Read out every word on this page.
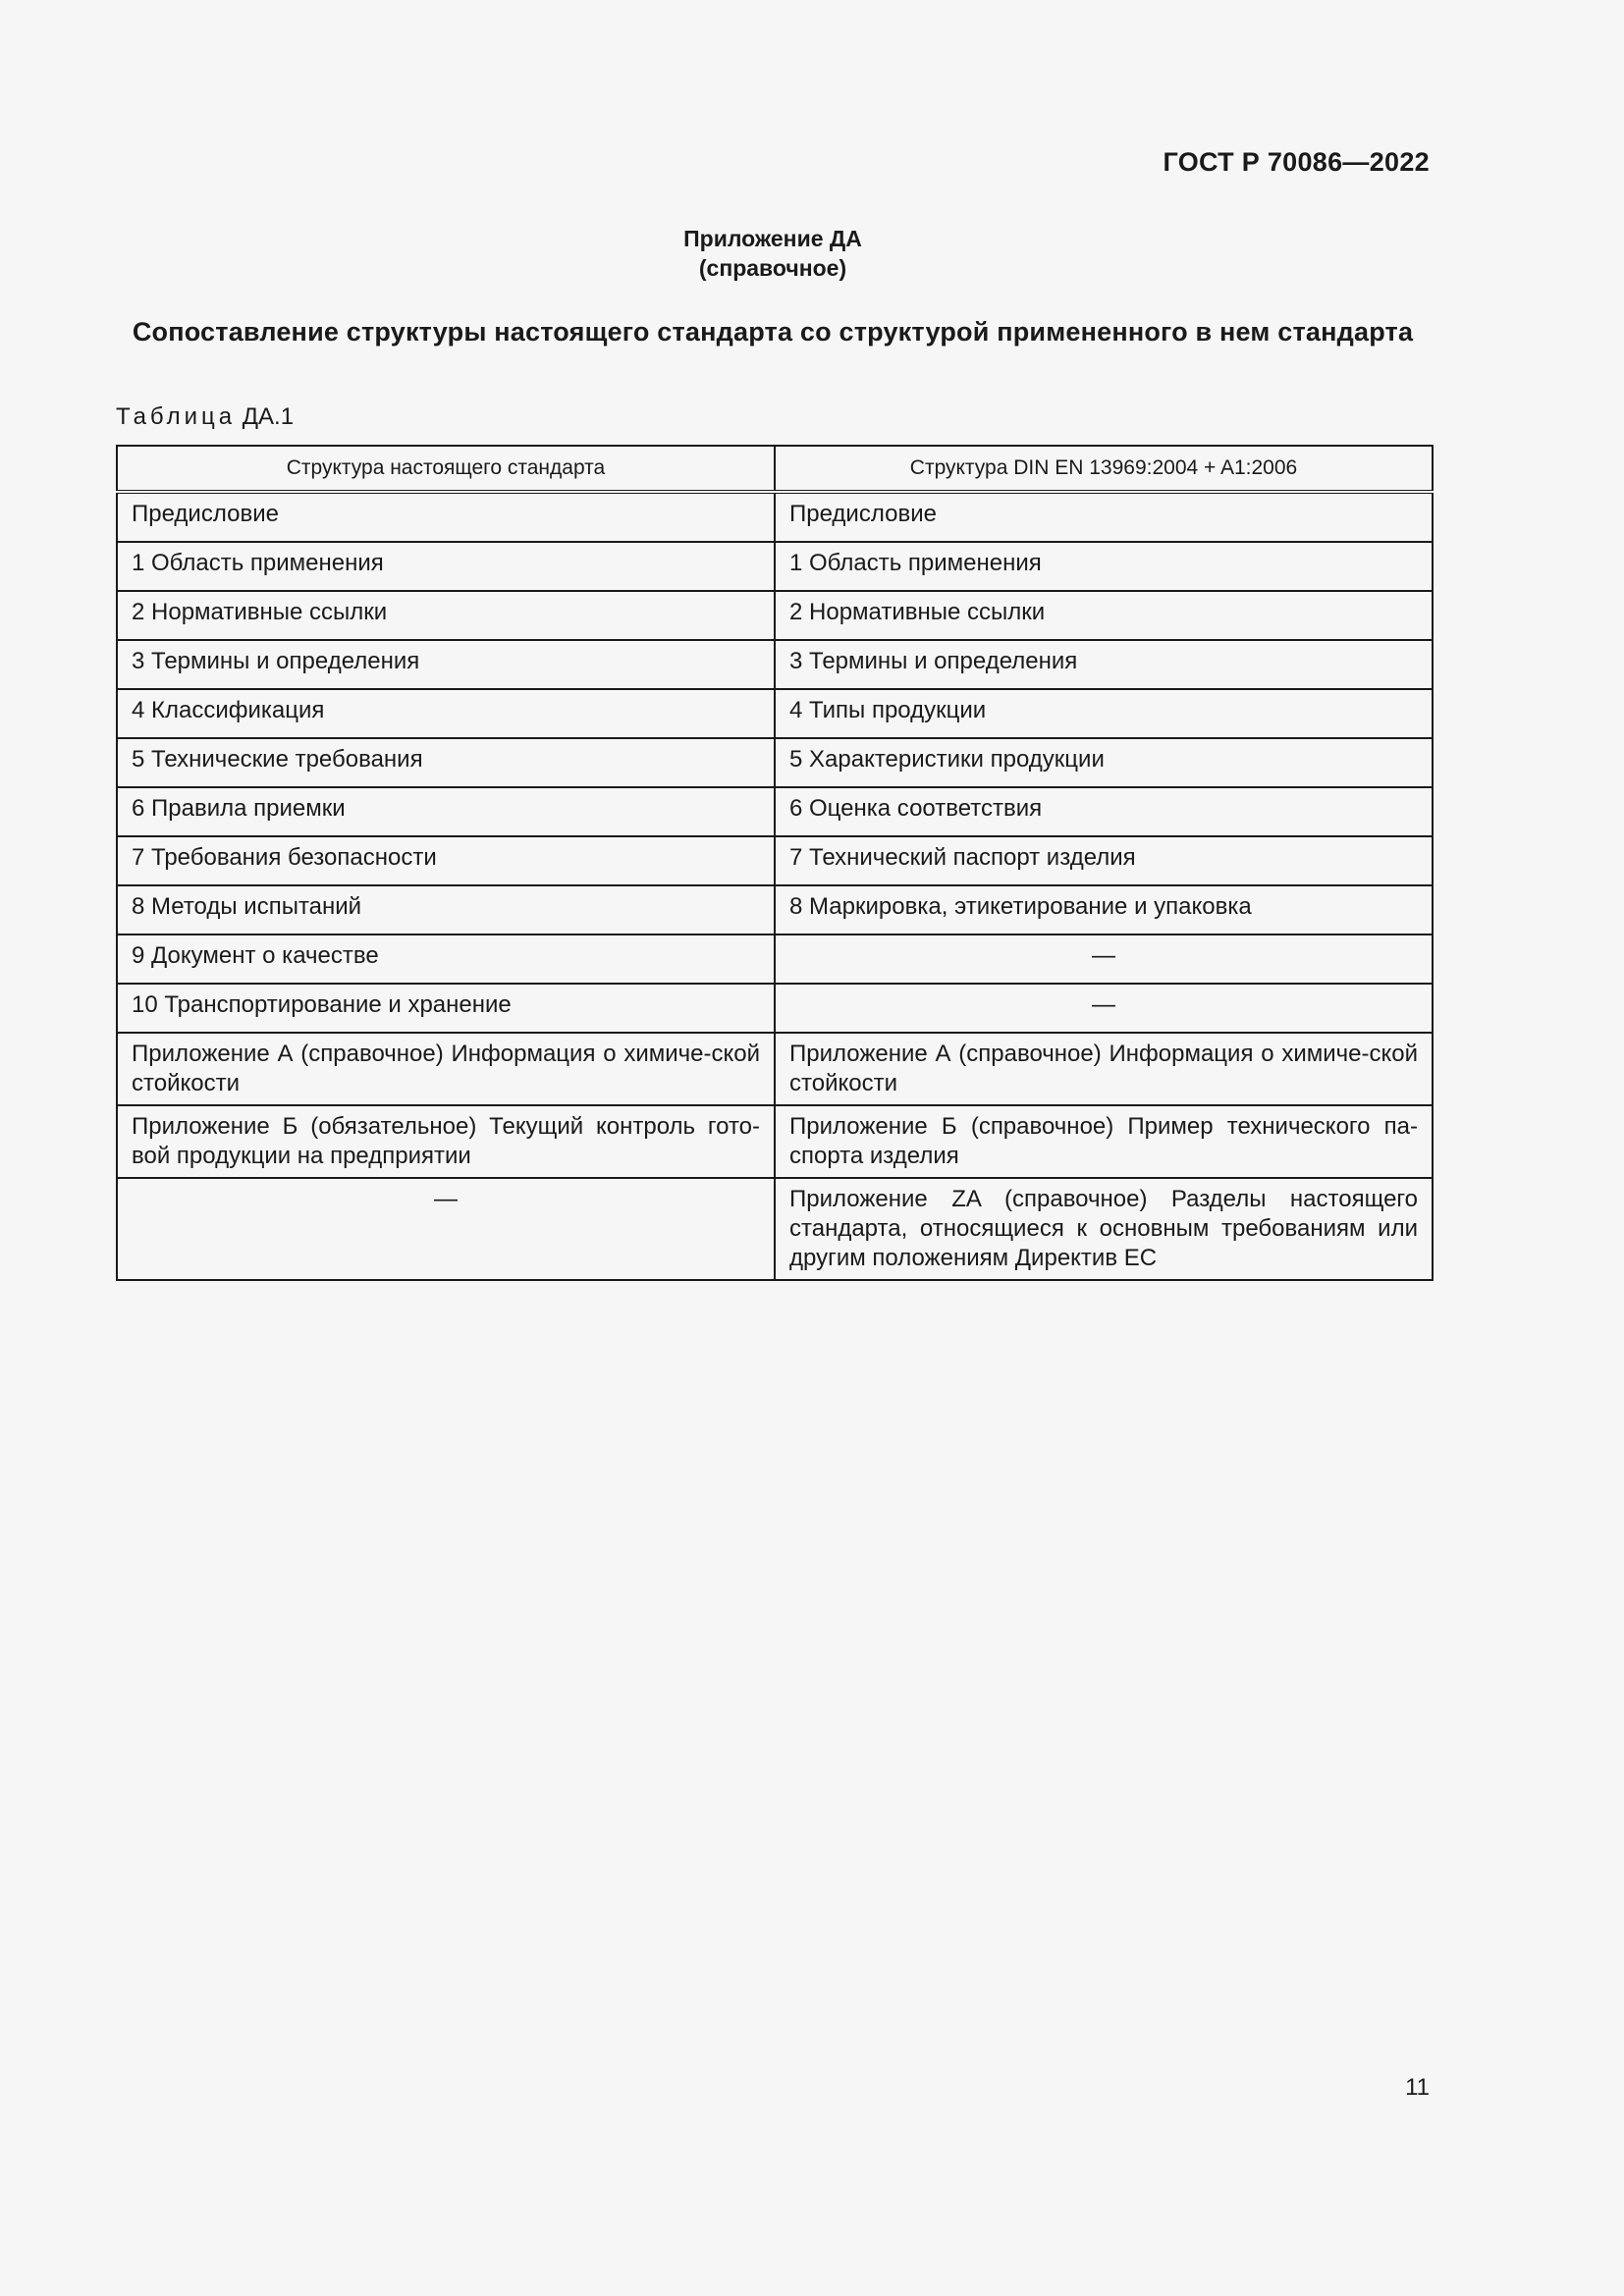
ГОСТ Р 70086—2022
Приложение ДА
(справочное)
Сопоставление структуры настоящего стандарта со структурой примененного в нем стандарта
Таблица ДА.1
Структура настоящего стандарта	Структура DIN EN 13969:2004 + A1:2006
Предисловие	Предисловие
1 Область применения	1 Область применения
2 Нормативные ссылки	2 Нормативные ссылки
3 Термины и определения	3 Термины и определения
4 Классификация	4 Типы продукции
5 Технические требования	5 Характеристики продукции
6 Правила приемки	6 Оценка соответствия
7 Требования безопасности	7 Технический паспорт изделия
8 Методы испытаний	8 Маркировка, этикетирование и упаковка
9 Документ о качестве	—
10 Транспортирование и хранение	—
Приложение А (справочное) Информация о химиче-ской стойкости	Приложение А (справочное) Информация о химиче-ской стойкости
Приложение Б (обязательное) Текущий контроль гото-вой продукции на предприятии	Приложение Б (справочное) Пример технического па-спорта изделия
—	Приложение ZA (справочное) Разделы настоящего стандарта, относящиеся к основным требованиям или другим положениям Директив ЕС
11
